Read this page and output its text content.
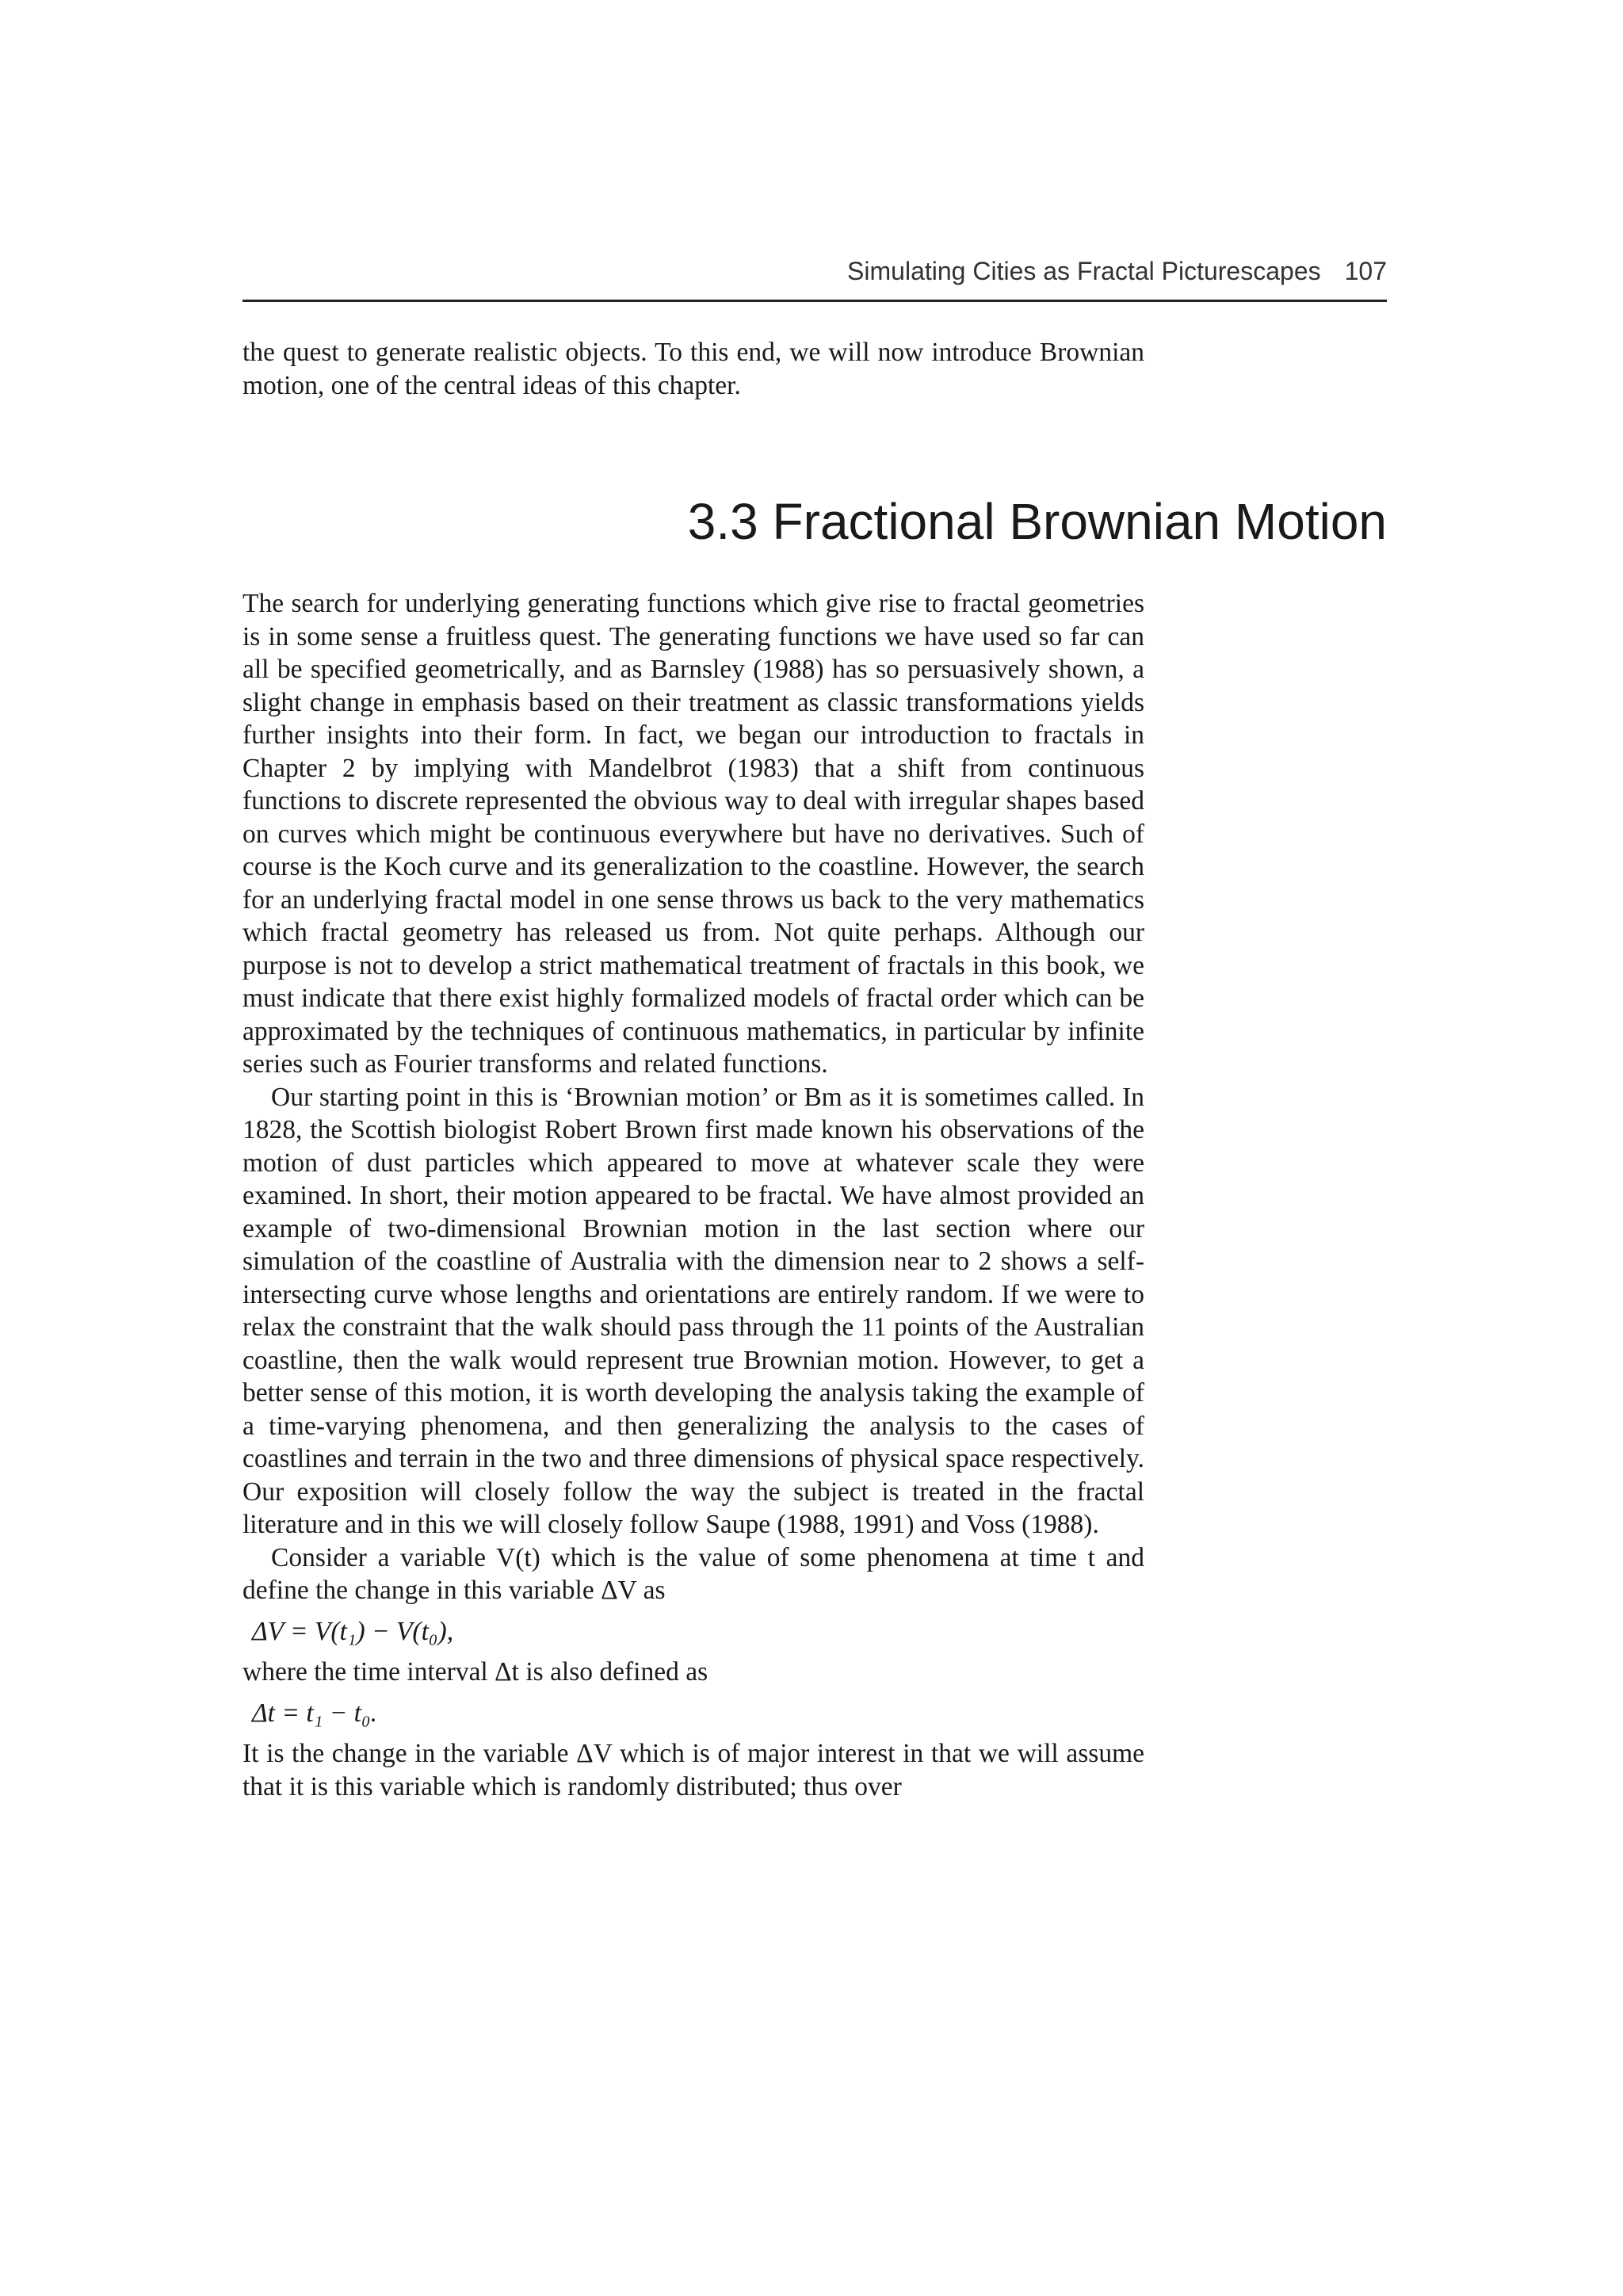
Simulating Cities as Fractal Picturescapes 107

the quest to generate realistic objects. To this end, we will now introduce Brownian motion, one of the central ideas of this chapter.

3.3 Fractional Brownian Motion

The search for underlying generating functions which give rise to fractal geometries is in some sense a fruitless quest. The generating functions we have used so far can all be specified geometrically, and as Barnsley (1988) has so persuasively shown, a slight change in emphasis based on their treatment as classic transformations yields further insights into their form. In fact, we began our introduction to fractals in Chapter 2 by implying with Mandelbrot (1983) that a shift from continuous functions to discrete represented the obvious way to deal with irregular shapes based on curves which might be continuous everywhere but have no derivatives. Such of course is the Koch curve and its generalization to the coastline. However, the search for an underlying fractal model in one sense throws us back to the very mathematics which fractal geometry has released us from. Not quite perhaps. Although our purpose is not to develop a strict mathematical treatment of fractals in this book, we must indicate that there exist highly formalized models of fractal order which can be approximated by the techniques of continuous mathematics, in particular by infinite series such as Fourier transforms and related functions.

Our starting point in this is ‘Brownian motion’ or Bm as it is sometimes called. In 1828, the Scottish biologist Robert Brown first made known his observations of the motion of dust particles which appeared to move at whatever scale they were examined. In short, their motion appeared to be fractal. We have almost provided an example of two-dimensional Brownian motion in the last section where our simulation of the coastline of Australia with the dimension near to 2 shows a self-intersecting curve whose lengths and orientations are entirely random. If we were to relax the constraint that the walk should pass through the 11 points of the Australian coastline, then the walk would represent true Brownian motion. However, to get a better sense of this motion, it is worth developing the analysis taking the example of a time-varying phenomena, and then generalizing the analysis to the cases of coastlines and terrain in the two and three dimensions of physical space respectively. Our exposition will closely follow the way the subject is treated in the fractal literature and in this we will closely follow Saupe (1988, 1991) and Voss (1988).

Consider a variable V(t) which is the value of some phenomena at time t and define the change in this variable ΔV as

ΔV = V(t₁) − V(t₀),

where the time interval Δt is also defined as

Δt = t₁ − t₀.

It is the change in the variable ΔV which is of major interest in that we will assume that it is this variable which is randomly distributed; thus over
